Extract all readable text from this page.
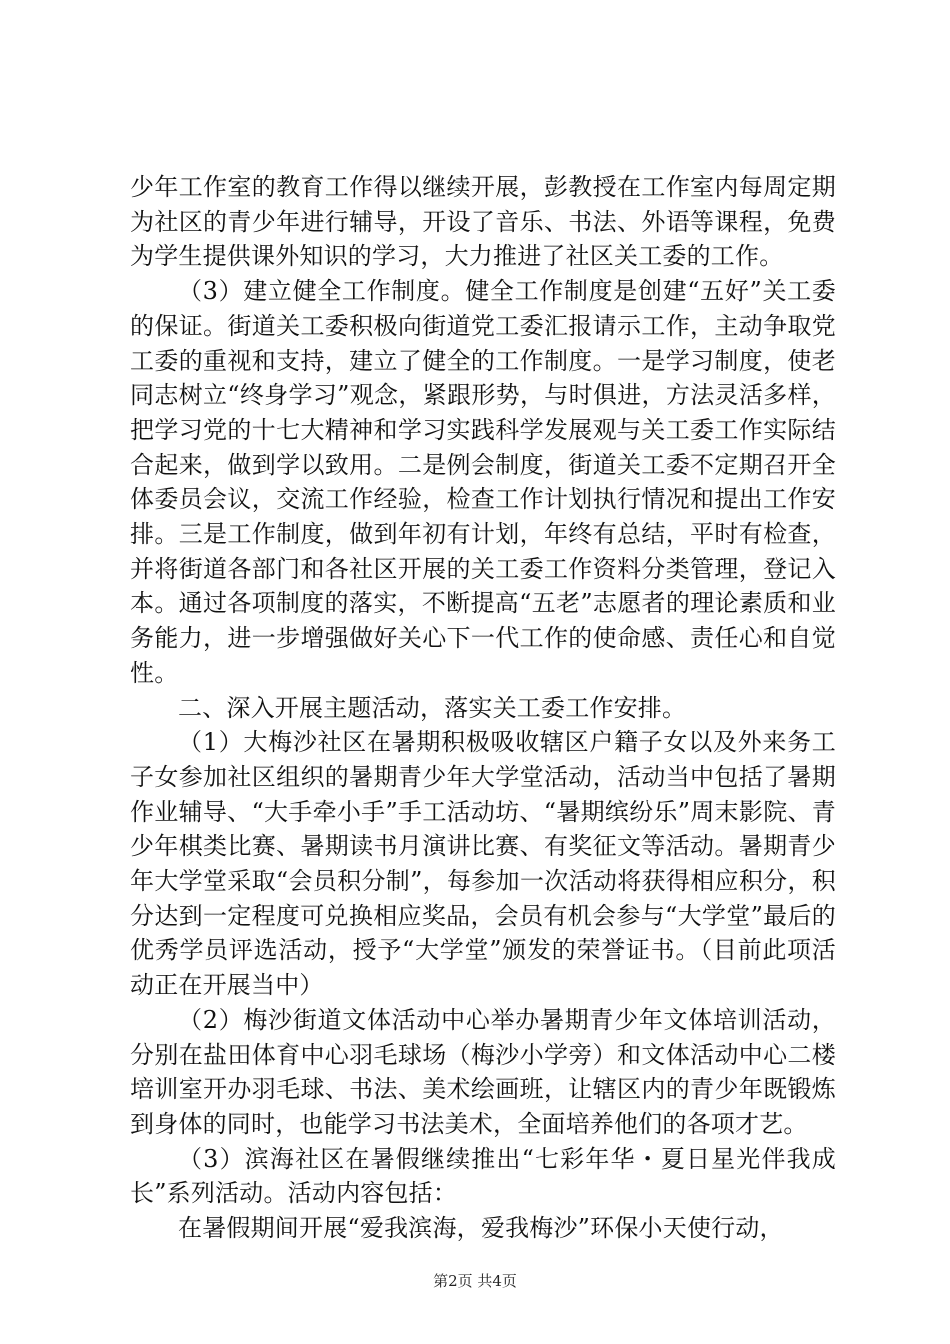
少年工作室的教育工作得以继续开展，彭教授在工作室内每周定期为社区的青少年进行辅导，开设了音乐、书法、外语等课程，免费为学生提供课外知识的学习，大力推进了社区关工委的工作。

（3）建立健全工作制度。健全工作制度是创建“五好”关工委的保证。街道关工委积极向街道党工委汇报请示工作，主动争取党工委的重视和支持，建立了健全的工作制度。一是学习制度，使老同志树立“终身学习”观念，紧跟形势，与时俱进，方法灵活多样，把学习党的十七大精神和学习实践科学发展观与关工委工作实际结合起来，做到学以致用。二是例会制度，街道关工委不定期召开全体委员会议，交流工作经验，检查工作计划执行情况和提出工作安排。三是工作制度，做到年初有计划，年终有总结，平时有检查，并将街道各部门和各社区开展的关工委工作资料分类管理，登记入本。通过各项制度的落实，不断提高“五老”志愿者的理论素质和业务能力，进一步增强做好关心下一代工作的使命感、责任心和自觉性。

二、深入开展主题活动，落实关工委工作安排。

（1）大梅沙社区在暑期积极吸收辖区户籍子女以及外来务工子女参加社区组织的暑期青少年大学堂活动，活动当中包括了暑期作业辅导、“大手牵小手”手工活动坊、“暑期缤纷乐”周末影院、青少年棋类比赛、暑期读书月演讲比赛、有奖征文等活动。暑期青少年大学堂采取“会员积分制”，每参加一次活动将获得相应积分，积分达到一定程度可兑换相应奖品，会员有机会参与“大学堂”最后的优秀学员评选活动，授予“大学堂”颁发的荣誉证书。（目前此项活动正在开展当中）

（2）梅沙街道文体活动中心举办暑期青少年文体培训活动，分别在盐田体育中心羽毛球场（梅沙小学旁）和文体活动中心二楼培训室开办羽毛球、书法、美术绘画班，让辖区内的青少年既锻炼到身体的同时，也能学习书法美术，全面培养他们的各项才艺。

（3）滨海社区在暑假继续推出“七彩年华・夏日星光伴我成长”系列活动。活动内容包括：

在暑假期间开展“爱我滨海，爱我梅沙”环保小天使行动，

第2页 共4页
